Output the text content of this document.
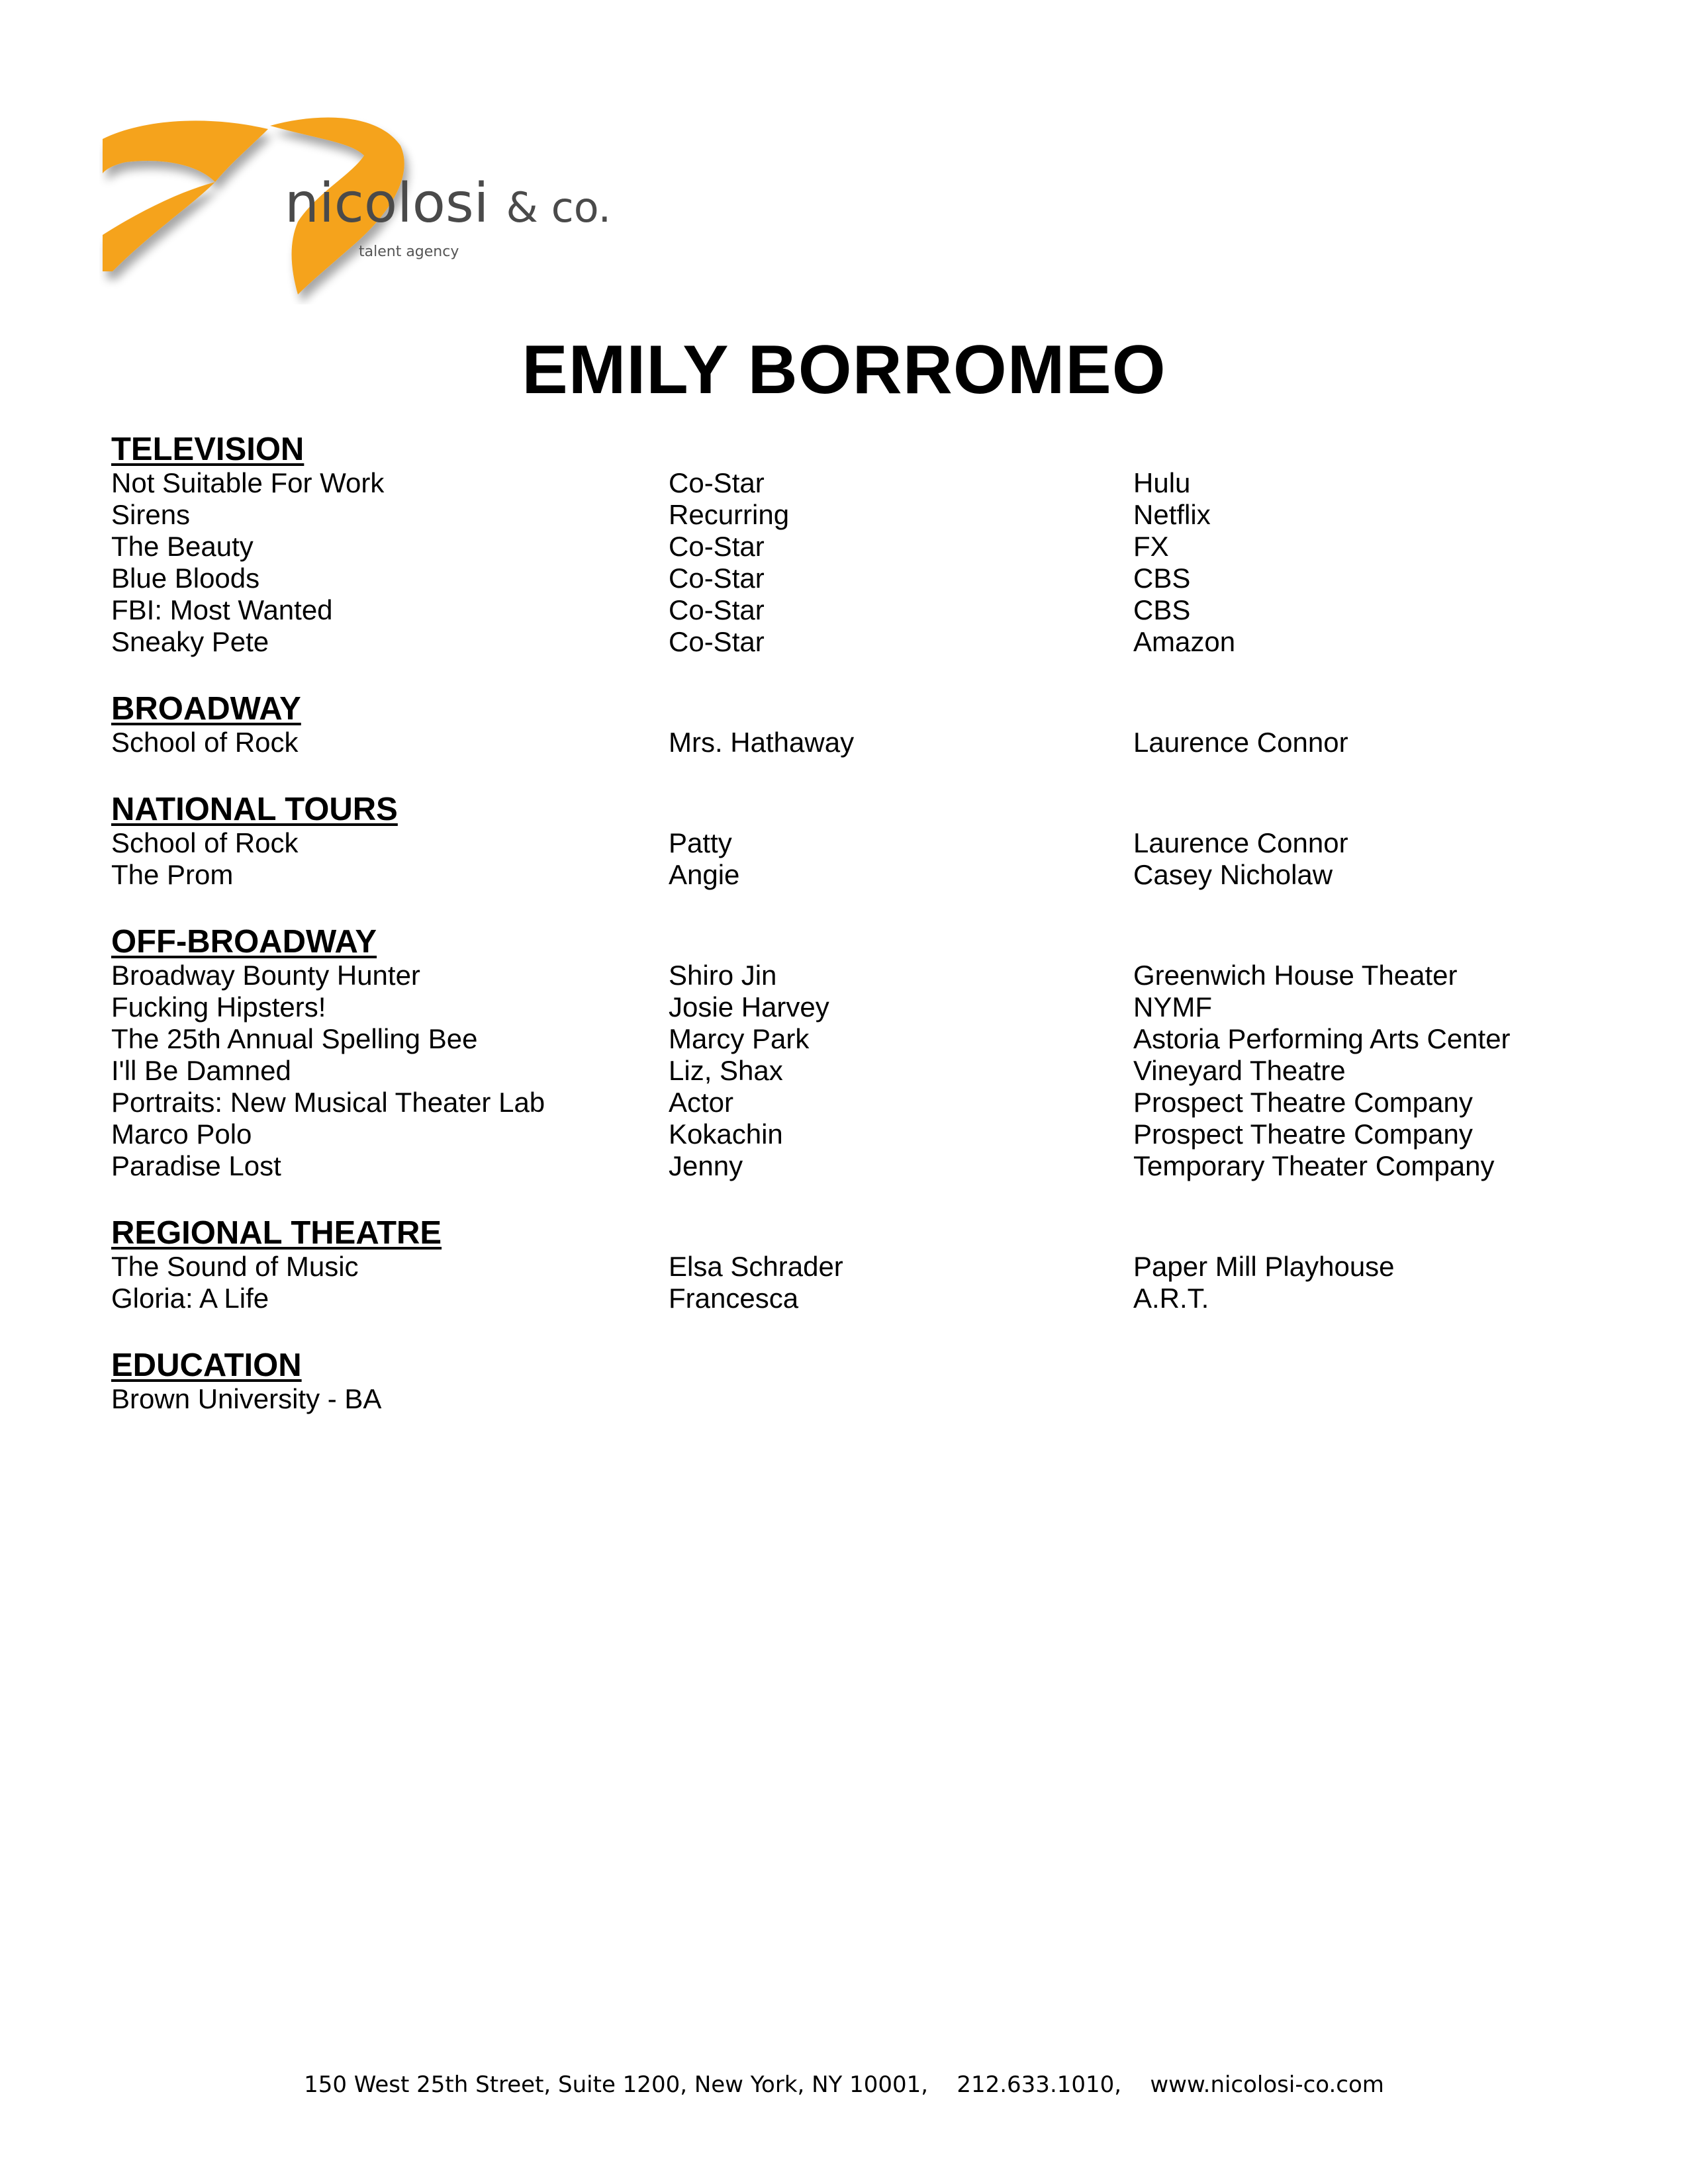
nicolosi & co.
talent agency
EMILY BORROMEO
TELEVISION
Not Suitable For Work	Co-Star	Hulu
Sirens	Recurring	Netflix
The Beauty	Co-Star	FX
Blue Bloods	Co-Star	CBS
FBI: Most Wanted	Co-Star	CBS
Sneaky Pete	Co-Star	Amazon
BROADWAY
School of Rock	Mrs. Hathaway	Laurence Connor
NATIONAL TOURS
School of Rock	Patty	Laurence Connor
The Prom	Angie	Casey Nicholaw
OFF-BROADWAY
Broadway Bounty Hunter	Shiro Jin	Greenwich House Theater
Fucking Hipsters!	Josie Harvey	NYMF
The 25th Annual Spelling Bee	Marcy Park	Astoria Performing Arts Center
I'll Be Damned	Liz, Shax	Vineyard Theatre
Portraits: New Musical Theater Lab	Actor	Prospect Theatre Company
Marco Polo	Kokachin	Prospect Theatre Company
Paradise Lost	Jenny	Temporary Theater Company
REGIONAL THEATRE
The Sound of Music	Elsa Schrader	Paper Mill Playhouse
Gloria: A Life	Francesca	A.R.T.
EDUCATION
Brown University - BA
150 West 25th Street, Suite 1200, New York, NY 10001, 212.633.1010, www.nicolosi-co.com
